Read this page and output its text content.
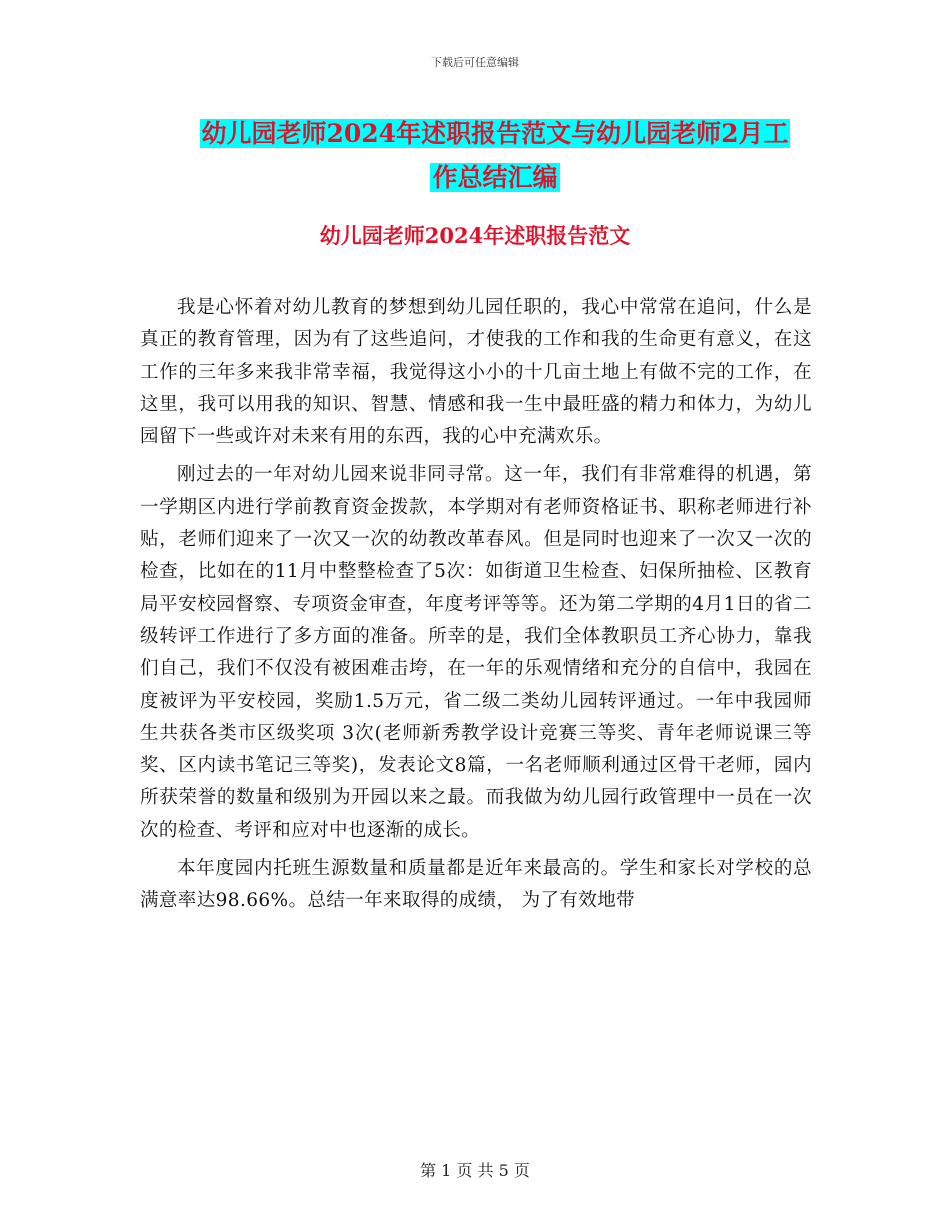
下载后可任意编辑
幼儿园老师2024年述职报告范文与幼儿园老师2月工
作总结汇编
幼儿园老师2024年述职报告范文

我是心怀着对幼儿教育的梦想到幼儿园任职的，我心中常常在追问，什么是真正的教育管理，因为有了这些追问，才使我的工作和我的生命更有意义，在这工作的三年多来我非常幸福，我觉得这小小的十几亩土地上有做不完的工作，在这里，我可以用我的知识、智慧、情感和我一生中最旺盛的精力和体力，为幼儿园留下一些或许对未来有用的东西，我的心中充满欢乐。

刚过去的一年对幼儿园来说非同寻常。这一年，我们有非常难得的机遇，第一学期区内进行学前教育资金拨款，本学期对有老师资格证书、职称老师进行补贴，老师们迎来了一次又一次的幼教改革春风。但是同时也迎来了一次又一次的检查，比如在的11月中整整检查了5次：如街道卫生检查、妇保所抽检、区教育局平安校园督察、专项资金审查，年度考评等等。还为第二学期的4月1日的省二级转评工作进行了多方面的准备。所幸的是，我们全体教职员工齐心协力，靠我们自己，我们不仅没有被困难击垮，在一年的乐观情绪和充分的自信中，我园在度被评为平安校园，奖励1.5万元，省二级二类幼儿园转评通过。一年中我园师生共获各类市区级奖项 3次(老师新秀教学设计竞赛三等奖、青年老师说课三等奖、区内读书笔记三等奖)，发表论文8篇，一名老师顺利通过区骨干老师，园内所获荣誉的数量和级别为开园以来之最。而我做为幼儿园行政管理中一员在一次次的检查、考评和应对中也逐渐的成长。

本年度园内托班生源数量和质量都是近年来最高的。学生和家长对学校的总满意率达98.66%。总结一年来取得的成绩， 为了有效地带

第 1 页 共 5 页
